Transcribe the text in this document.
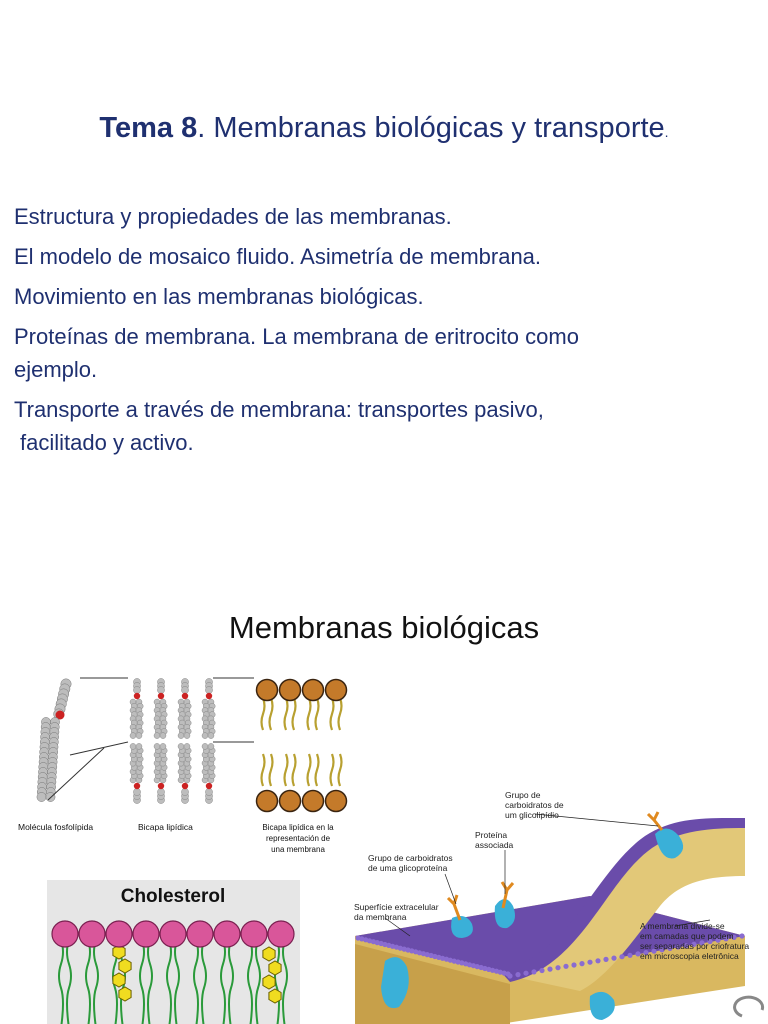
Tema 8. Membranas biológicas y transporte.
Estructura y propiedades de las membranas.
El modelo de mosaico fluido. Asimetría de membrana.
Movimiento en las membranas biológicas.
Proteínas de membrana. La membrana de eritrocito como
ejemplo.
Transporte a través de membrana: transportes pasivo,
facilitado y activo.
Membranas biológicas
Molécula fosfolípida	Bicapa lipídica	Bicapa lipídica en la
representación de
una membrana
Cholesterol
Grupo de
carboidratos de
um glicolipídio
Proteína
associada
Grupo de carboidratos
de uma glicoproteína
Superfície extracelular
da membrana
A membrana divide-se
em camadas que podem
ser separadas por criofratura
em microscopia eletrônica
